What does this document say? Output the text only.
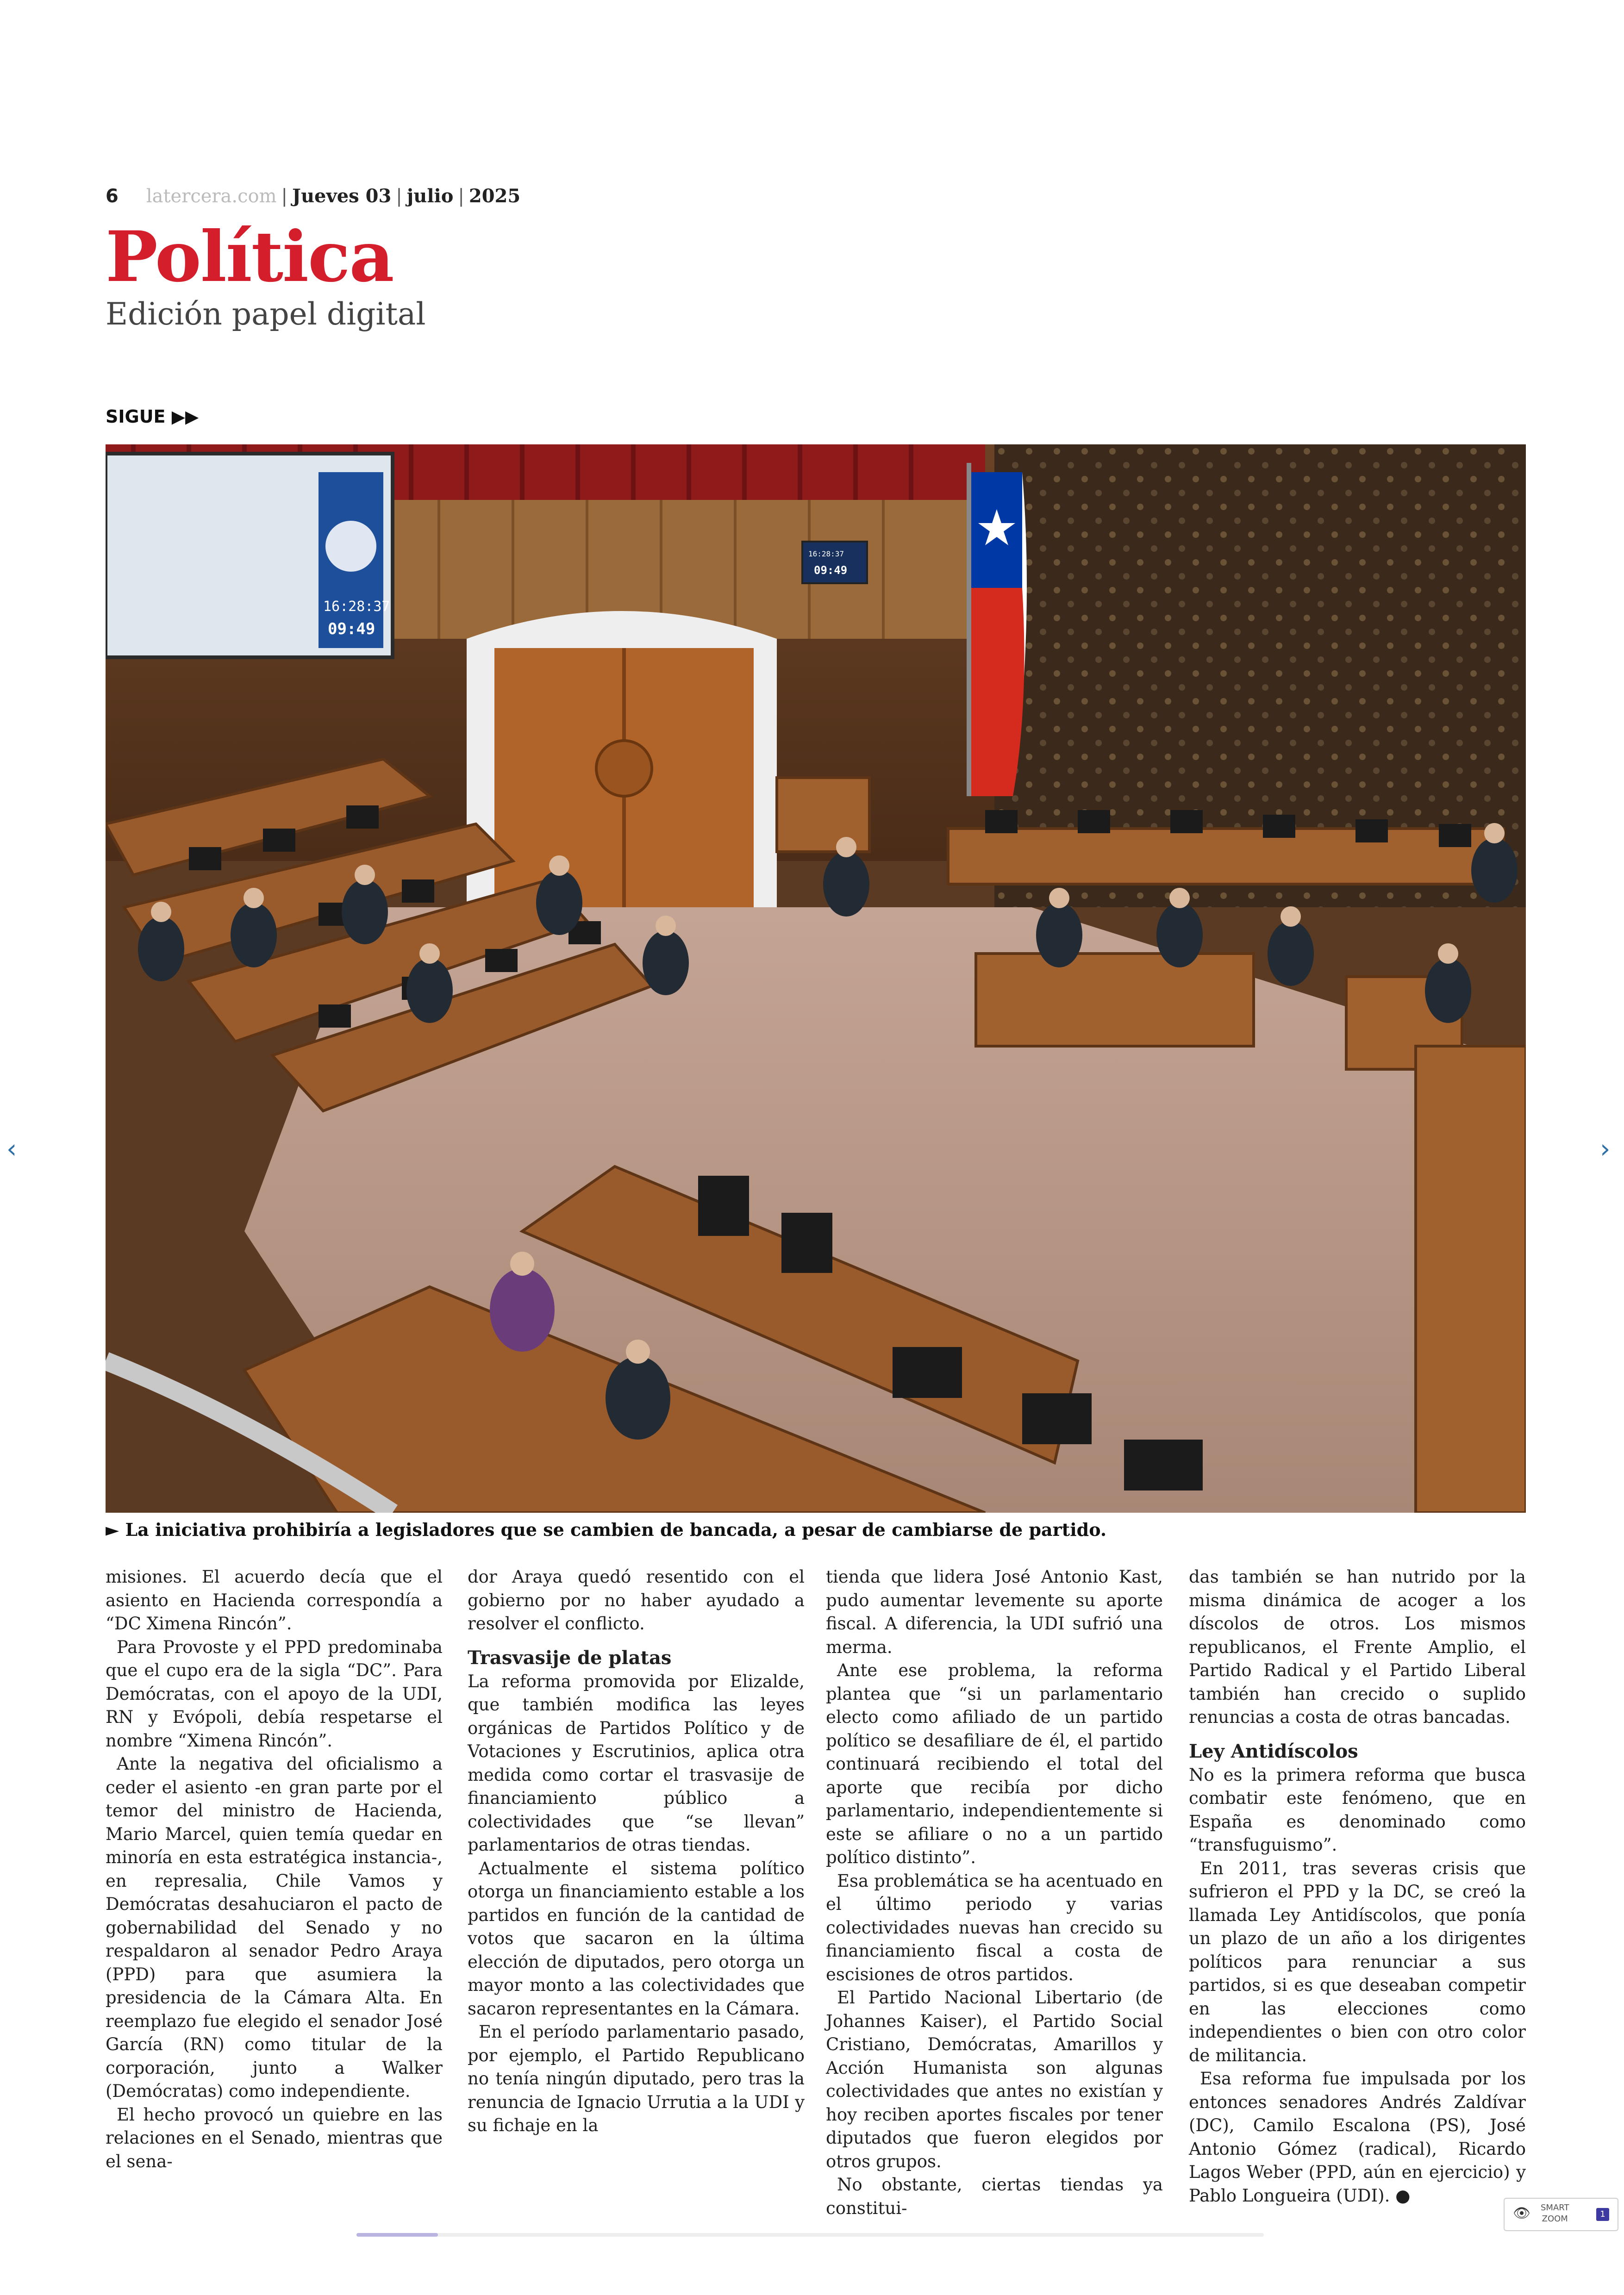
6 latercera.com | Jueves 03 | julio | 2025
Política
Edición papel digital
SIGUE ▶▶
16:28:37
09:49
16:28:37
09:49
► La iniciativa prohibiría a legisladores que se cambien de bancada, a pesar de cambiarse de partido.

misiones. El acuerdo decía que el asiento en Hacienda correspondía a “DC Ximena Rincón”.

Para Provoste y el PPD predominaba que el cupo era de la sigla “DC”. Para Demócratas, con el apoyo de la UDI, RN y Evópoli, debía respetarse el nombre “Ximena Rincón”.

Ante la negativa del oficialismo a ceder el asiento -en gran parte por el temor del ministro de Hacienda, Mario Marcel, quien temía quedar en minoría en esta estratégica instancia-, en represalia, Chile Vamos y Demócratas desahuciaron el pacto de gobernabilidad del Senado y no respaldaron al senador Pedro Araya (PPD) para que asumiera la presidencia de la Cámara Alta. En reemplazo fue elegido el senador José García (RN) como titular de la corporación, junto a Walker (Demócratas) como independiente.

El hecho provocó un quiebre en las relaciones en el Senado, mientras que el sena-

dor Araya quedó resentido con el gobierno por no haber ayudado a resolver el conflicto.

Trasvasije de platas

La reforma promovida por Elizalde, que también modifica las leyes orgánicas de Partidos Político y de Votaciones y Escrutinios, aplica otra medida como cortar el trasvasije de financiamiento público a colectividades que “se llevan” parlamentarios de otras tiendas.

Actualmente el sistema político otorga un financiamiento estable a los partidos en función de la cantidad de votos que sacaron en la última elección de diputados, pero otorga un mayor monto a las colectividades que sacaron representantes en la Cámara.

En el período parlamentario pasado, por ejemplo, el Partido Republicano no tenía ningún diputado, pero tras la renuncia de Ignacio Urrutia a la UDI y su fichaje en la

tienda que lidera José Antonio Kast, pudo aumentar levemente su aporte fiscal. A diferencia, la UDI sufrió una merma.

Ante ese problema, la reforma plantea que “si un parlamentario electo como afiliado de un partido político se desafiliare de él, el partido continuará recibiendo el total del aporte que recibía por dicho parlamentario, independientemente si este se afiliare o no a un partido político distinto”.

Esa problemática se ha acentuado en el último periodo y varias colectividades nuevas han crecido su financiamiento fiscal a costa de escisiones de otros partidos.

El Partido Nacional Libertario (de Johannes Kaiser), el Partido Social Cristiano, Demócratas, Amarillos y Acción Humanista son algunas colectividades que antes no existían y hoy reciben aportes fiscales por tener diputados que fueron elegidos por otros grupos.

No obstante, ciertas tiendas ya constitui-

das también se han nutrido por la misma dinámica de acoger a los díscolos de otros. Los mismos republicanos, el Frente Amplio, el Partido Radical y el Partido Liberal también han crecido o suplido renuncias a costa de otras bancadas.

Ley Antidíscolos

No es la primera reforma que busca combatir este fenómeno, que en España es denominado como “transfuguismo”.

En 2011, tras severas crisis que sufrieron el PPD y la DC, se creó la llamada Ley Antidíscolos, que ponía un plazo de un año a los dirigentes políticos para renunciar a sus partidos, si es que deseaban competir en las elecciones como independientes o bien con otro color de militancia.

Esa reforma fue impulsada por los entonces senadores Andrés Zaldívar (DC), Camilo Escalona (PS), José Antonio Gómez (radical), Ricardo Lagos Weber (PPD, aún en ejercicio) y Pablo Longueira (UDI). ●

‹	›
👁 SMART
ZOOM	1
